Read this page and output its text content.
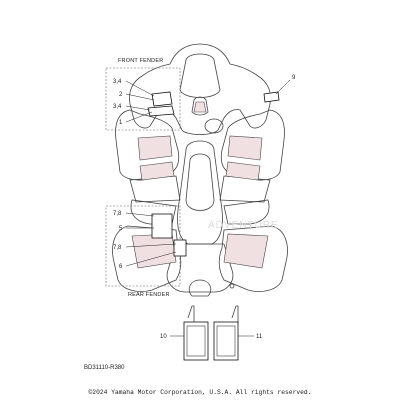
ADVENTURE
3,4
2
3,4
1
9
7,8
5
7,8
6
FRONT FENDER
REAR FENDER
10	11
BD31110-R380
©2024 Yamaha Motor Corporation, U.S.A. All rights reserved.
